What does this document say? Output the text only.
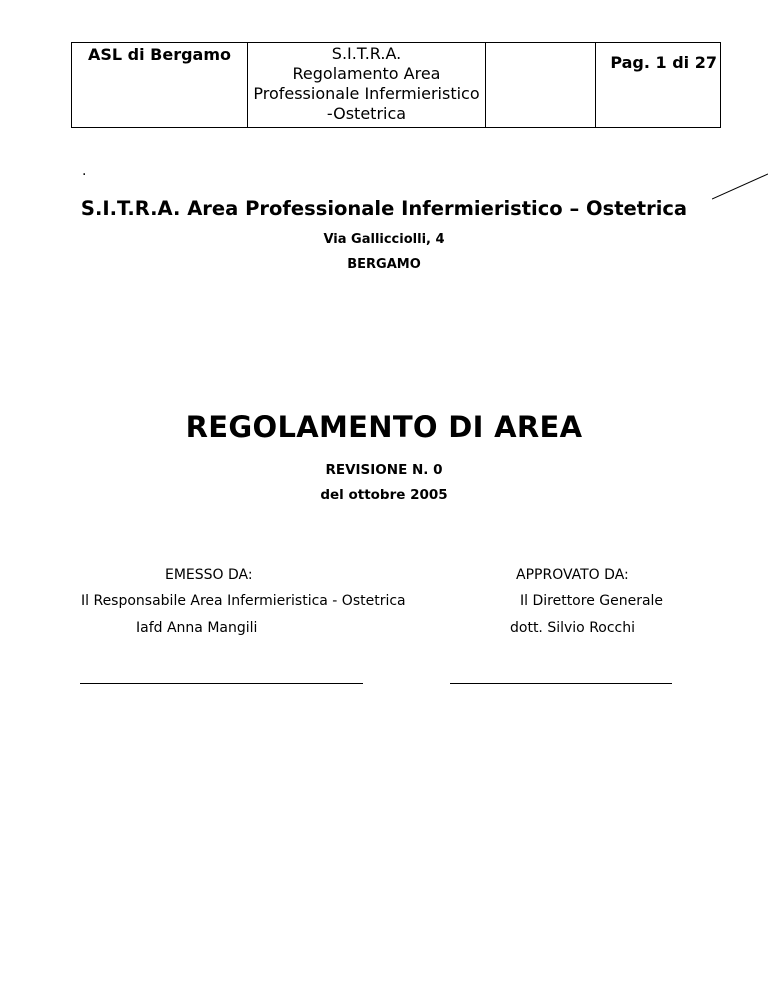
ASL di Bergamo	S.I.T.R.A.
Regolamento Area
Professionale Infermieristico
-Ostetrica
		Pag. 1 di 27
.
S.I.T.R.A. Area Professionale Infermieristico – Ostetrica
Via Gallicciolli, 4
BERGAMO
REGOLAMENTO DI AREA
REVISIONE N. 0
del ottobre 2005
EMESSO DA:
Il Responsabile Area Infermieristica - Ostetrica
Iafd Anna Mangili
APPROVATO DA:
Il Direttore Generale
dott. Silvio Rocchi
